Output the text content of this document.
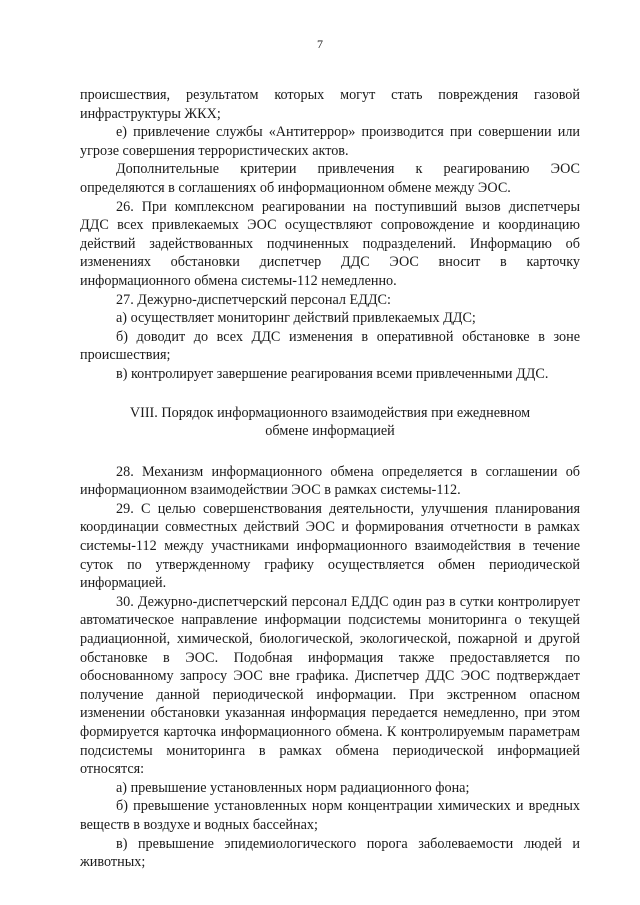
7

происшествия, результатом которых могут стать повреждения газовой инфраструктуры ЖКХ;

е) привлечение службы «Антитеррор» производится при совершении или угрозе совершения террористических актов.

Дополнительные критерии привлечения к реагированию ЭОС определяются в соглашениях об информационном обмене между ЭОС.

26. При комплексном реагировании на поступивший вызов диспетчеры ДДС всех привлекаемых ЭОС осуществляют сопровождение и координацию действий задействованных подчиненных подразделений. Информацию об изменениях обстановки диспетчер ДДС ЭОС вносит в карточку информационного обмена системы-112 немедленно.

27. Дежурно-диспетчерский персонал ЕДДС:

а) осуществляет мониторинг действий привлекаемых ДДС;

б) доводит до всех ДДС изменения в оперативной обстановке в зоне происшествия;

в) контролирует завершение реагирования всеми привлеченными ДДС.

VIII. Порядок информационного взаимодействия при ежедневном
обмене информацией

28. Механизм информационного обмена определяется в соглашении об информационном взаимодействии ЭОС в рамках системы-112.

29. С целью совершенствования деятельности, улучшения планирования координации совместных действий ЭОС и формирования отчетности в рамках системы-112 между участниками информационного взаимодействия в течение суток по утвержденному графику осуществляется обмен периодической информацией.

30. Дежурно-диспетчерский персонал ЕДДС один раз в сутки контролирует автоматическое направление информации подсистемы мониторинга о текущей радиационной, химической, биологической, экологической, пожарной и другой обстановке в ЭОС. Подобная информация также предоставляется по обоснованному запросу ЭОС вне графика. Диспетчер ДДС ЭОС подтверждает получение данной периодической информации. При экстренном опасном изменении обстановки указанная информация передается немедленно, при этом формируется карточка информационного обмена. К контролируемым параметрам подсистемы мониторинга в рамках обмена периодической информацией относятся:

а) превышение установленных норм радиационного фона;

б) превышение установленных норм концентрации химических и вредных веществ в воздухе и водных бассейнах;

в) превышение эпидемиологического порога заболеваемости людей и животных;
